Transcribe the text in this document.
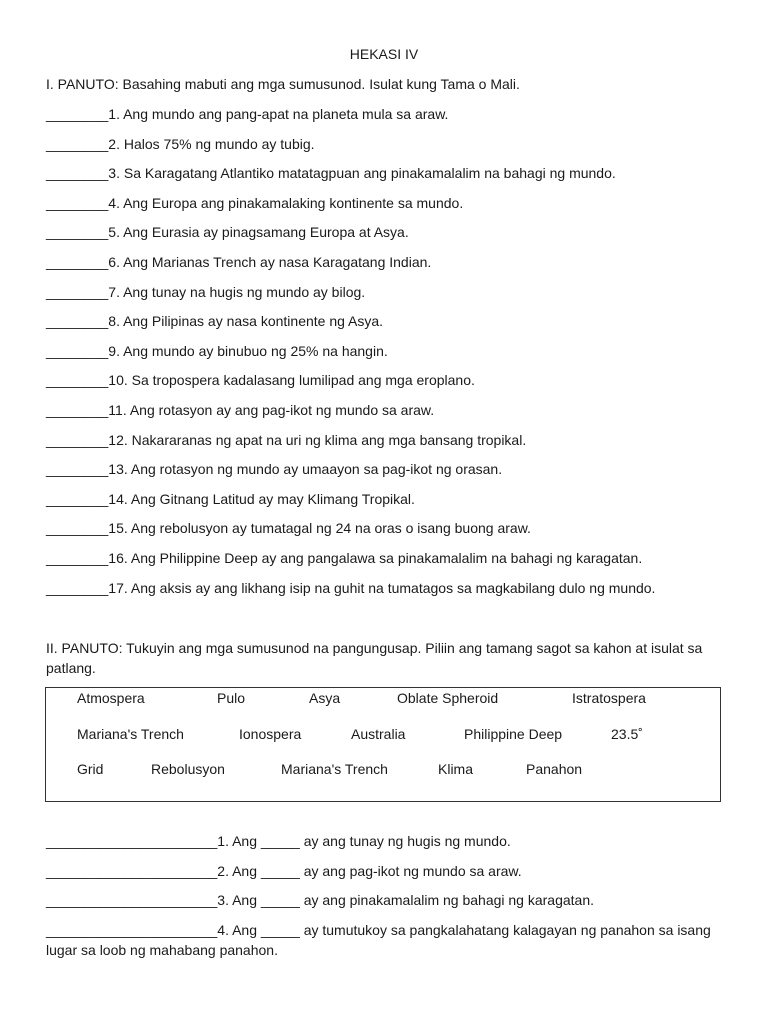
HEKASI IV
I. PANUTO: Basahing mabuti ang mga sumusunod. Isulat kung Tama o Mali.
________1. Ang mundo ang pang-apat na planeta mula sa araw.
________2. Halos 75% ng mundo ay tubig.
________3. Sa Karagatang Atlantiko matatagpuan ang pinakamalalim na bahagi ng mundo.
________4. Ang Europa ang pinakamalaking kontinente sa mundo.
________5. Ang Eurasia ay pinagsamang Europa at Asya.
________6. Ang Marianas Trench ay nasa Karagatang Indian.
________7. Ang tunay na hugis ng mundo ay bilog.
________8. Ang Pilipinas ay nasa kontinente ng Asya.
________9. Ang mundo ay binubuo ng 25% na hangin.
________10. Sa tropospera kadalasang lumilipad ang mga eroplano.
________11. Ang rotasyon ay ang pag-ikot ng mundo sa araw.
________12. Nakararanas ng apat na uri ng klima ang mga bansang tropikal.
________13. Ang rotasyon ng mundo ay umaayon sa pag-ikot ng orasan.
________14. Ang Gitnang Latitud ay may Klimang Tropikal.
________15. Ang rebolusyon ay tumatagal ng 24 na oras o isang buong araw.
________16. Ang Philippine Deep ay ang pangalawa sa pinakamalalim na bahagi ng karagatan.
________17. Ang aksis ay ang likhang isip na guhit na tumatagos sa magkabilang dulo ng mundo.
II. PANUTO: Tukuyin ang mga sumusunod na pangungusap. Piliin ang tamang sagot sa kahon at isulat sa patlang.
Atmospera	Pulo	Asya	Oblate Spheroid	Istratospera
Mariana's Trench	Ionospera	Australia	Philippine Deep	23.5˚
Grid	Rebolusyon	Mariana's Trench	Klima	Panahon
______________________1. Ang _____ ay ang tunay ng hugis ng mundo.
______________________2. Ang _____ ay ang pag-ikot ng mundo sa araw.
______________________3. Ang _____ ay ang pinakamalalim ng bahagi ng karagatan.
______________________4. Ang _____ ay tumutukoy sa pangkalahatang kalagayan ng panahon sa isang lugar sa loob ng mahabang panahon.
